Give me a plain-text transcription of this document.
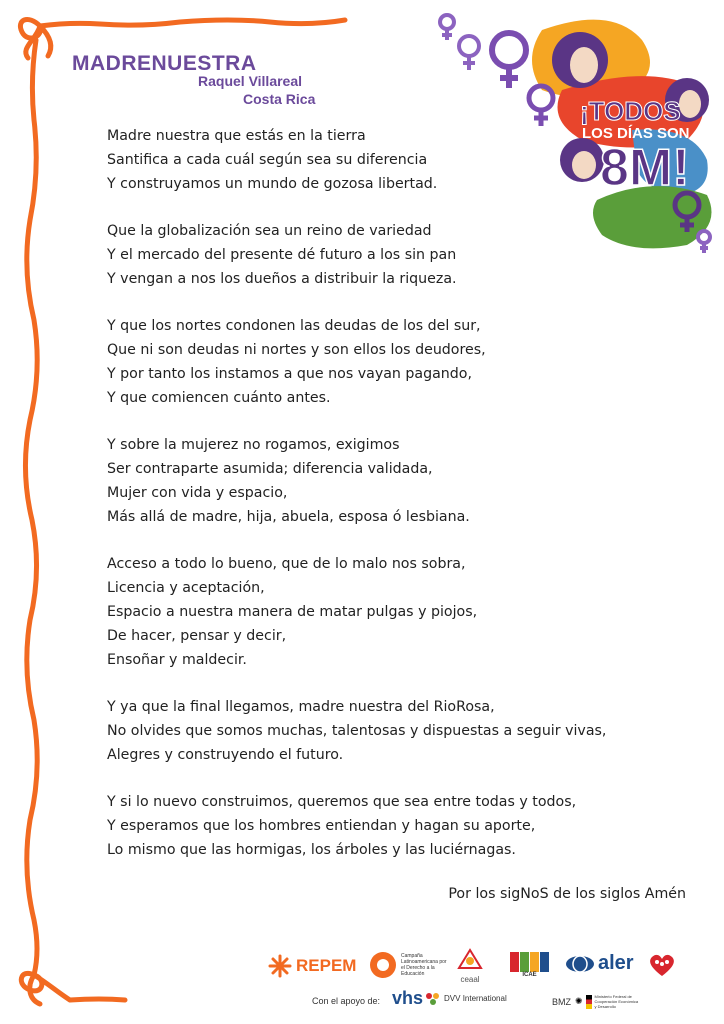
MADRENUESTRA
Raquel Villareal
Costa Rica	¡TODOS
LOS DÍAS SON
8M!
Madre nuestra que estás en la tierra
Santifica a cada cuál según sea su diferencia
Y construyamos un mundo de gozosa libertad.
Que la globalización sea un reino de variedad
Y el mercado del presente dé futuro a los sin pan
Y vengan a nos los dueños a distribuir la riqueza.
Y que los nortes condonen las deudas de los del sur,
Que ni son deudas ni nortes y son ellos los deudores,
Y por tanto los instamos a que nos vayan pagando,
Y que comiencen cuánto antes.
Y sobre la mujerez no rogamos, exigimos
Ser contraparte asumida; diferencia validada,
Mujer con vida y espacio,
Más allá de madre, hija, abuela, esposa ó lesbiana.
Acceso a todo lo bueno, que de lo malo nos sobra,
Licencia y aceptación,
Espacio a nuestra manera de matar pulgas y piojos,
De hacer, pensar y decir,
Ensoñar y maldecir.
Y ya que la final llegamos, madre nuestra del RioRosa,
No olvides que somos muchas, talentosas y dispuestas a seguir vivas,
Alegres y construyendo el futuro.
Y si lo nuevo construimos, queremos que sea entre todas y todos,
Y esperamos que los hombres entiendan y hagan su aporte,
Lo mismo que las hormigas, los árboles y las luciérnagas.
Por los sigNoS de los siglos Amén
REPEM	Campaña Latinoamericana por el Derecho a la Educación
ceaal	ICAE
aler
Con el apoyo de: vhs	DVV International	BMZ ✺	Ministerio Federal de Cooperación Económica y Desarrollo
